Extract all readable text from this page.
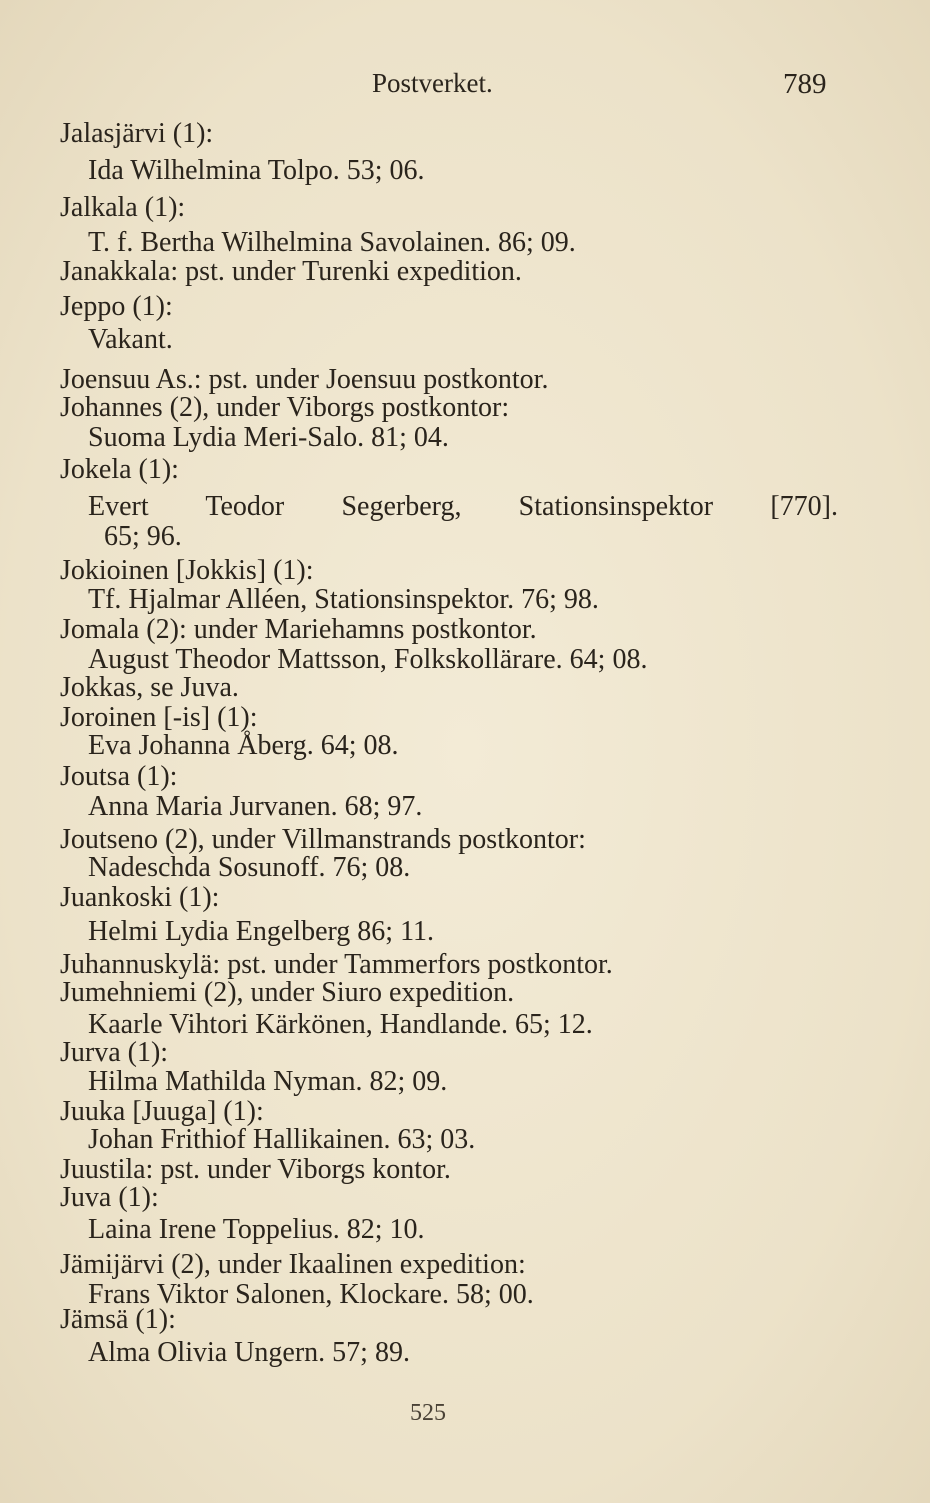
Postverket.	789
Jalasjärvi (1):
Ida Wilhelmina Tolpo. 53; 06.
Jalkala (1):
T. f. Bertha Wilhelmina Savolainen. 86; 09.
Janakkala: pst. under Turenki expedition.
Jeppo (1):
Vakant.
Joensuu As.: pst. under Joensuu postkontor.
Johannes (2), under Viborgs postkontor:
Suoma Lydia Meri-Salo. 81; 04.
Jokela (1):
Evert Teodor Segerberg, Stationsinspektor [770].
65; 96.
Jokioinen [Jokkis] (1):
Tf. Hjalmar Alléen, Stationsinspektor. 76; 98.
Jomala (2): under Mariehamns postkontor.
August Theodor Mattsson, Folkskollärare. 64; 08.
Jokkas, se Juva.
Joroinen [-is] (1):
Eva Johanna Åberg. 64; 08.
Joutsa (1):
Anna Maria Jurvanen. 68; 97.
Joutseno (2), under Villmanstrands postkontor:
Nadeschda Sosunoff. 76; 08.
Juankoski (1):
Helmi Lydia Engelberg 86; 11.
Juhannuskylä: pst. under Tammerfors postkontor.
Jumehniemi (2), under Siuro expedition.
Kaarle Vihtori Kärkönen, Handlande. 65; 12.
Jurva (1):
Hilma Mathilda Nyman. 82; 09.
Juuka [Juuga] (1):
Johan Frithiof Hallikainen. 63; 03.
Juustila: pst. under Viborgs kontor.
Juva (1):
Laina Irene Toppelius. 82; 10.
Jämijärvi (2), under Ikaalinen expedition:
Frans Viktor Salonen, Klockare. 58; 00.
Jämsä (1):
Alma Olivia Ungern. 57; 89.
525
